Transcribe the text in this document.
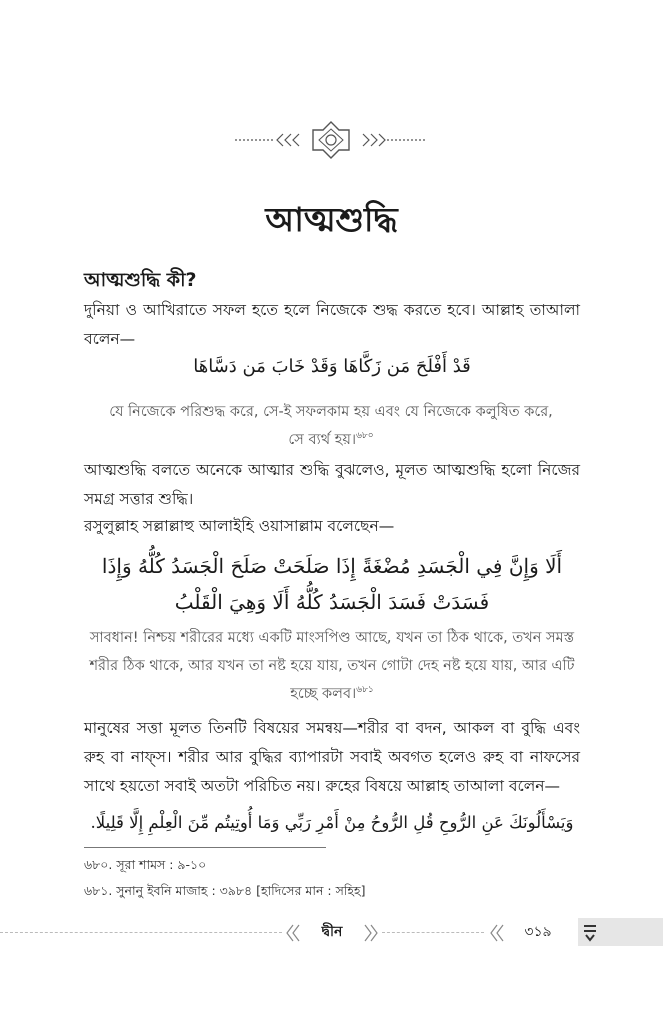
আত্মশুদ্ধি
আত্মশুদ্ধি কী?
দুনিয়া ও আখিরাতে সফল হতে হলে নিজেকে শুদ্ধ করতে হবে। আল্লাহ তাআলা বলেন—
قَدْ أَفْلَحَ مَن زَكَّاهَا وَقَدْ خَابَ مَن دَسَّاهَا
যে নিজেকে পরিশুদ্ধ করে, সে-ই সফলকাম হয় এবং যে নিজেকে কলুষিত করে, সে ব্যর্থ হয়।$^{৬৮০}$
আত্মশুদ্ধি বলতে অনেকে আত্মার শুদ্ধি বুঝলেও, মূলত আত্মশুদ্ধি হলো নিজের সমগ্র সত্তার শুদ্ধি।
রসুলুল্লাহ সল্লাল্লাহু আলাইহি ওয়াসাল্লাম বলেছেন—
أَلَا وَإِنَّ فِي الْجَسَدِ مُضْغَةً إِذَا صَلَحَتْ صَلَحَ الْجَسَدُ كُلُّهُ وَإِذَا فَسَدَتْ فَسَدَ الْجَسَدُ كُلُّهُ أَلَا وَهِيَ الْقَلْبُ
সাবধান! নিশ্চয় শরীরের মধ্যে একটি মাংসপিণ্ড আছে, যখন তা ঠিক থাকে, তখন সমস্ত শরীর ঠিক থাকে, আর যখন তা নষ্ট হয়ে যায়, তখন গোটা দেহ নষ্ট হয়ে যায়, আর এটি হচ্ছে কলব।$^{৬৮১}$
মানুষের সত্তা মূলত তিনটি বিষয়ের সমন্বয়—শরীর বা বদন, আকল বা বুদ্ধি এবং রুহ বা নাফ্স। শরীর আর বুদ্ধির ব্যাপারটা সবাই অবগত হলেও রুহ বা নাফসের সাথে হয়তো সবাই অতটা পরিচিত নয়। রুহের বিষয়ে আল্লাহ তাআলা বলেন—
وَيَسْأَلُونَكَ عَنِ الرُّوحِ قُلِ الرُّوحُ مِنْ أَمْرِ رَبِّي وَمَا أُوتِيتُم مِّنَ الْعِلْمِ إِلَّا قَلِيلًا.
৬৮০. সূরা শামস : ৯-১০
৬৮১. সুনানু ইবনি মাজাহ : ৩৯৮৪ [হাদিসের মান : সহিহ]
দ্বীন	৩১৯
